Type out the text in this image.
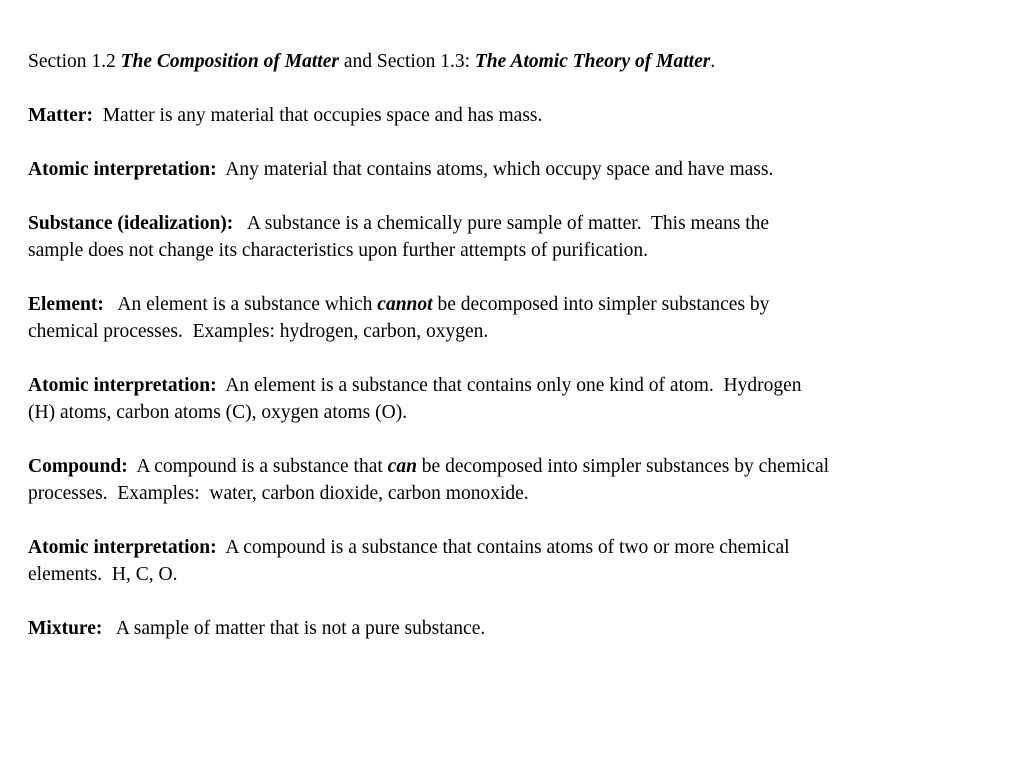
Section 1.2 The Composition of Matter and Section 1.3: The Atomic Theory of Matter.

Matter:  Matter is any material that occupies space and has mass.

Atomic interpretation:  Any material that contains atoms, which occupy space and have mass.

Substance (idealization):   A substance is a chemically pure sample of matter.  This means the
sample does not change its characteristics upon further attempts of purification.

Element:   An element is a substance which cannot be decomposed into simpler substances by
chemical processes.  Examples: hydrogen, carbon, oxygen.

Atomic interpretation:  An element is a substance that contains only one kind of atom.  Hydrogen
(H) atoms, carbon atoms (C), oxygen atoms (O).

Compound:  A compound is a substance that can be decomposed into simpler substances by chemical
processes.  Examples:  water, carbon dioxide, carbon monoxide.

Atomic interpretation:  A compound is a substance that contains atoms of two or more chemical
elements.  H, C, O.

Mixture:   A sample of matter that is not a pure substance.
